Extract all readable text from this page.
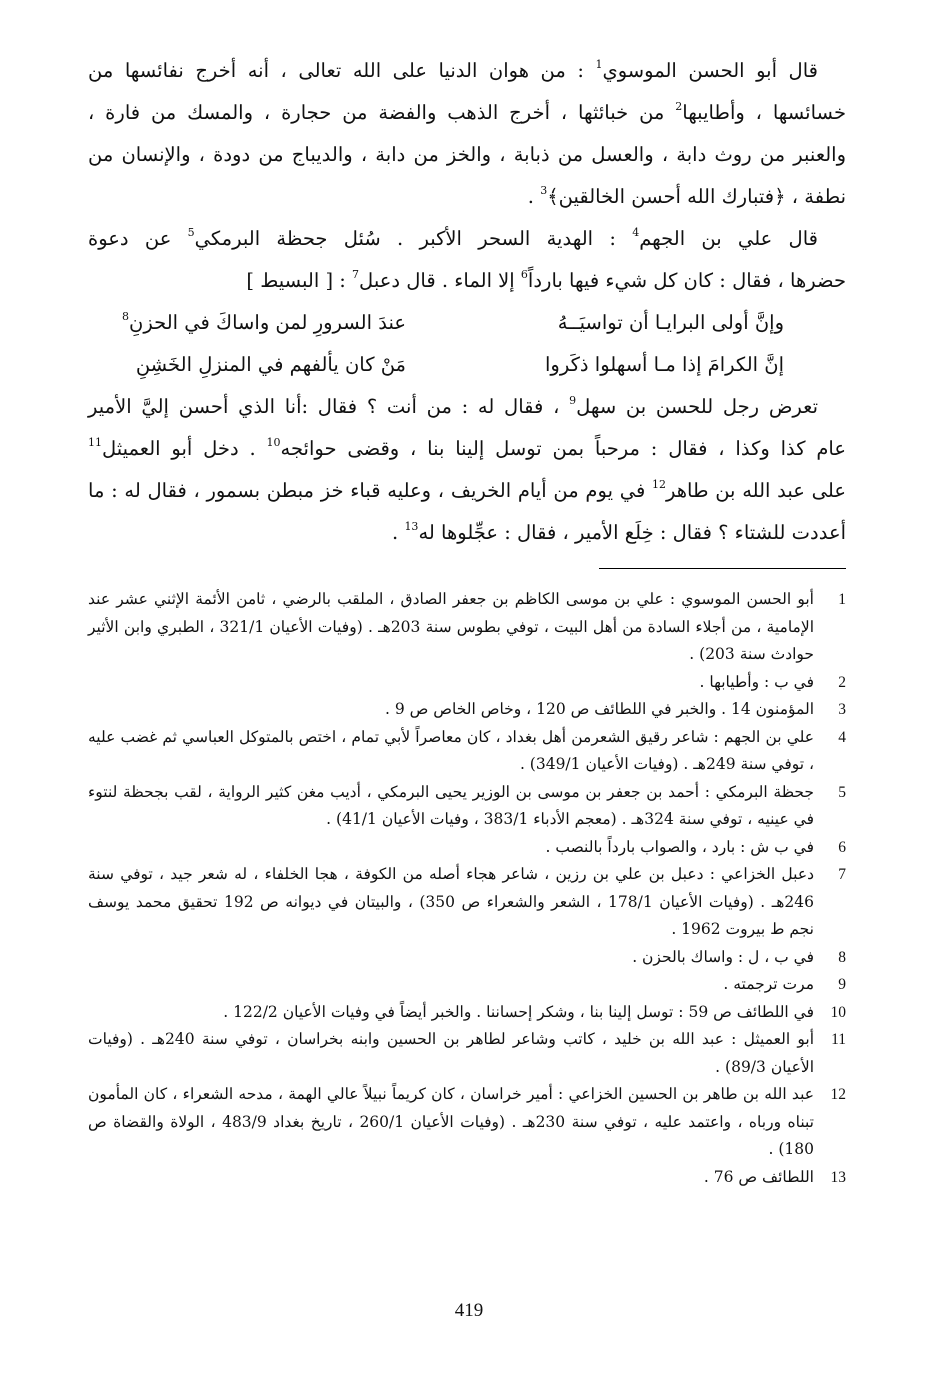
قال أبو الحسن الموسوي$^1$ : من هوان الدنيا على الله تعالى ، أنه أخرج نفائسها من
خسائسها ، وأطايبها$^2$ من خبائثها ، أخرج الذهب والفضة من حجارة ، والمسك من فارة ،
والعنبر من روث دابة ، والعسل من ذبابة ، والخز من دابة ، والديباج من دودة ، والإنسان من
نطفة ، ﴿فتبارك الله أحسن الخالقين﴾$^3$ .
قال علي بن الجهم$^4$ : الهدية السحر الأكبر . سُئل جحظة البرمكي$^5$ عن دعوة
حضرها ، فقال : كان كل شيء فيها بارداً$^6$ إلا الماء . قال دعبل$^7$ : [ البسيط ]
وإنَّ أولى البرايـا أن تواسيَــهُ
عندَ السرورِ لمن واساكَ في الحزنِ$^8$
إنَّ الكرامَ إذا مـا أسهلوا ذكَروا
مَنْ كان يألفهم في المنزلِ الخَشِنِ
تعرض رجل للحسن بن سهل$^9$ ، فقال له : من أنت ؟ فقال :أنا الذي أحسن إليَّ الأمير
عام كذا وكذا ، فقال : مرحباً بمن توسل إلينا بنا ، وقضى حوائجه$^{10}$ . دخل أبو العميثل$^{11}$
على عبد الله بن طاهر$^{12}$ في يوم من أيام الخريف ، وعليه قباء خز مبطن بسمور ، فقال له : ما
أعددت للشتاء ؟ فقال : خِلَع الأمير ، فقال : عجِّلوها له$^{13}$ .
1
أبو الحسن الموسوي : علي بن موسى الكاظم بن جعفر الصادق ، الملقب بالرضي ، ثامن الأئمة الإثني عشر عند الإمامية ، من أجلاء السادة من أهل البيت ، توفي بطوس سنة 203هـ . (وفيات الأعيان 321/1 ، الطبري وابن الأثير حوادث سنة 203) .
2
في ب : وأطيابها .
3
المؤمنون 14 . والخبر في اللطائف ص 120 ، وخاص الخاص ص 9 .
4
علي بن الجهم : شاعر رقيق الشعرمن أهل بغداد ، كان معاصراً لأبي تمام ، اختص بالمتوكل العباسي ثم غضب عليه ، توفي سنة 249هـ . (وفيات الأعيان 349/1) .
5
جحظة البرمكي : أحمد بن جعفر بن موسى بن الوزير يحيى البرمكي ، أديب مغن كثير الرواية ، لقب بجحظة لنتوء في عينيه ، توفي سنة 324هـ . (معجم الأدباء 383/1 ، وفيات الأعيان 41/1) .
6
في ب ش : بارد ، والصواب بارداً بالنصب .
7
دعبل الخزاعي : دعبل بن علي بن رزين ، شاعر هجاء أصله من الكوفة ، هجا الخلفاء ، له شعر جيد ، توفي سنة 246هـ . (وفيات الأعيان 178/1 ، الشعر والشعراء ص 350) ، والبيتان في ديوانه ص 192 تحقيق محمد يوسف نجم ط بيروت 1962 .
8
في ب ، ل : واساك بالحزن .
9
مرت ترجمته .
10
في اللطائف ص 59 : توسل إلينا بنا ، وشكر إحساننا . والخبر أيضاً في وفيات الأعيان 122/2 .
11
أبو العميثل : عبد الله بن خليد ، كاتب وشاعر لطاهر بن الحسين وابنه بخراسان ، توفي سنة 240هـ . (وفيات الأعيان 89/3) .
12
عبد الله بن طاهر بن الحسين الخزاعي : أمير خراسان ، كان كريماً نبيلاً عالي الهمة ، مدحه الشعراء ، كان المأمون تبناه ورباه ، واعتمد عليه ، توفي سنة 230هـ . (وفيات الأعيان 260/1 ، تاريخ بغداد 483/9 ، الولاة والقضاة ص 180) .
13
اللطائف ص 76 .
419
